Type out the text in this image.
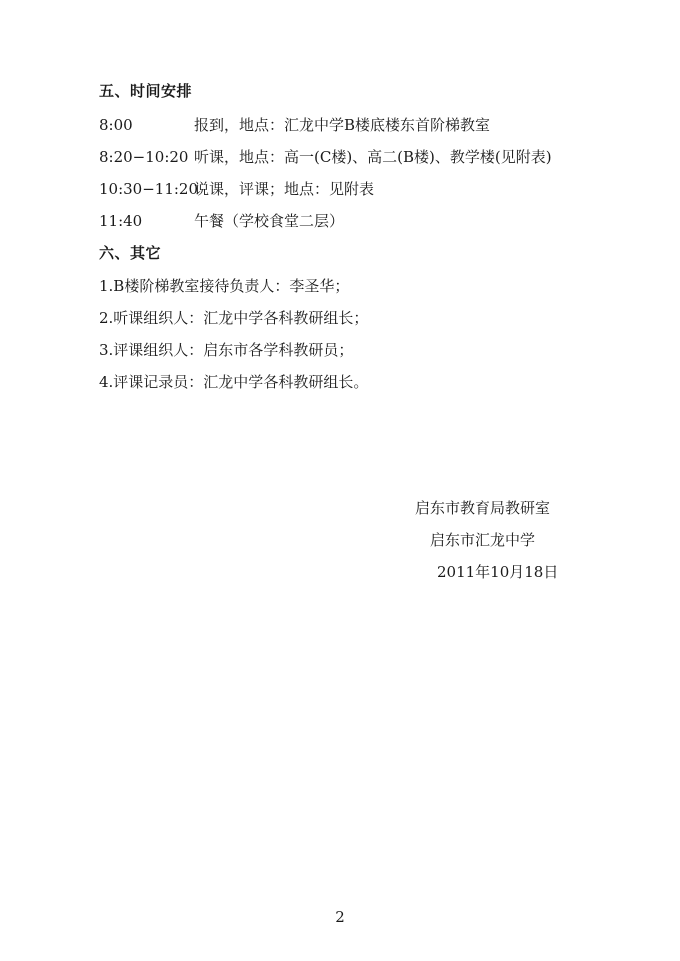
五、时间安排
8:00	报到，地点：汇龙中学B楼底楼东首阶梯教室
8:20−10:20 听课，地点：高一(C楼)、高二(B楼)、教学楼(见附表)
10:30−11:20说课，评课；地点：见附表
11:40	午餐（学校食堂二层）
六、其它
1.B楼阶梯教室接待负责人：李圣华；
2.听课组织人：汇龙中学各科教研组长；
3.评课组织人：启东市各学科教研员；
4.评课记录员：汇龙中学各科教研组长。
启东市教育局教研室
启东市汇龙中学
2011年10月18日
2
